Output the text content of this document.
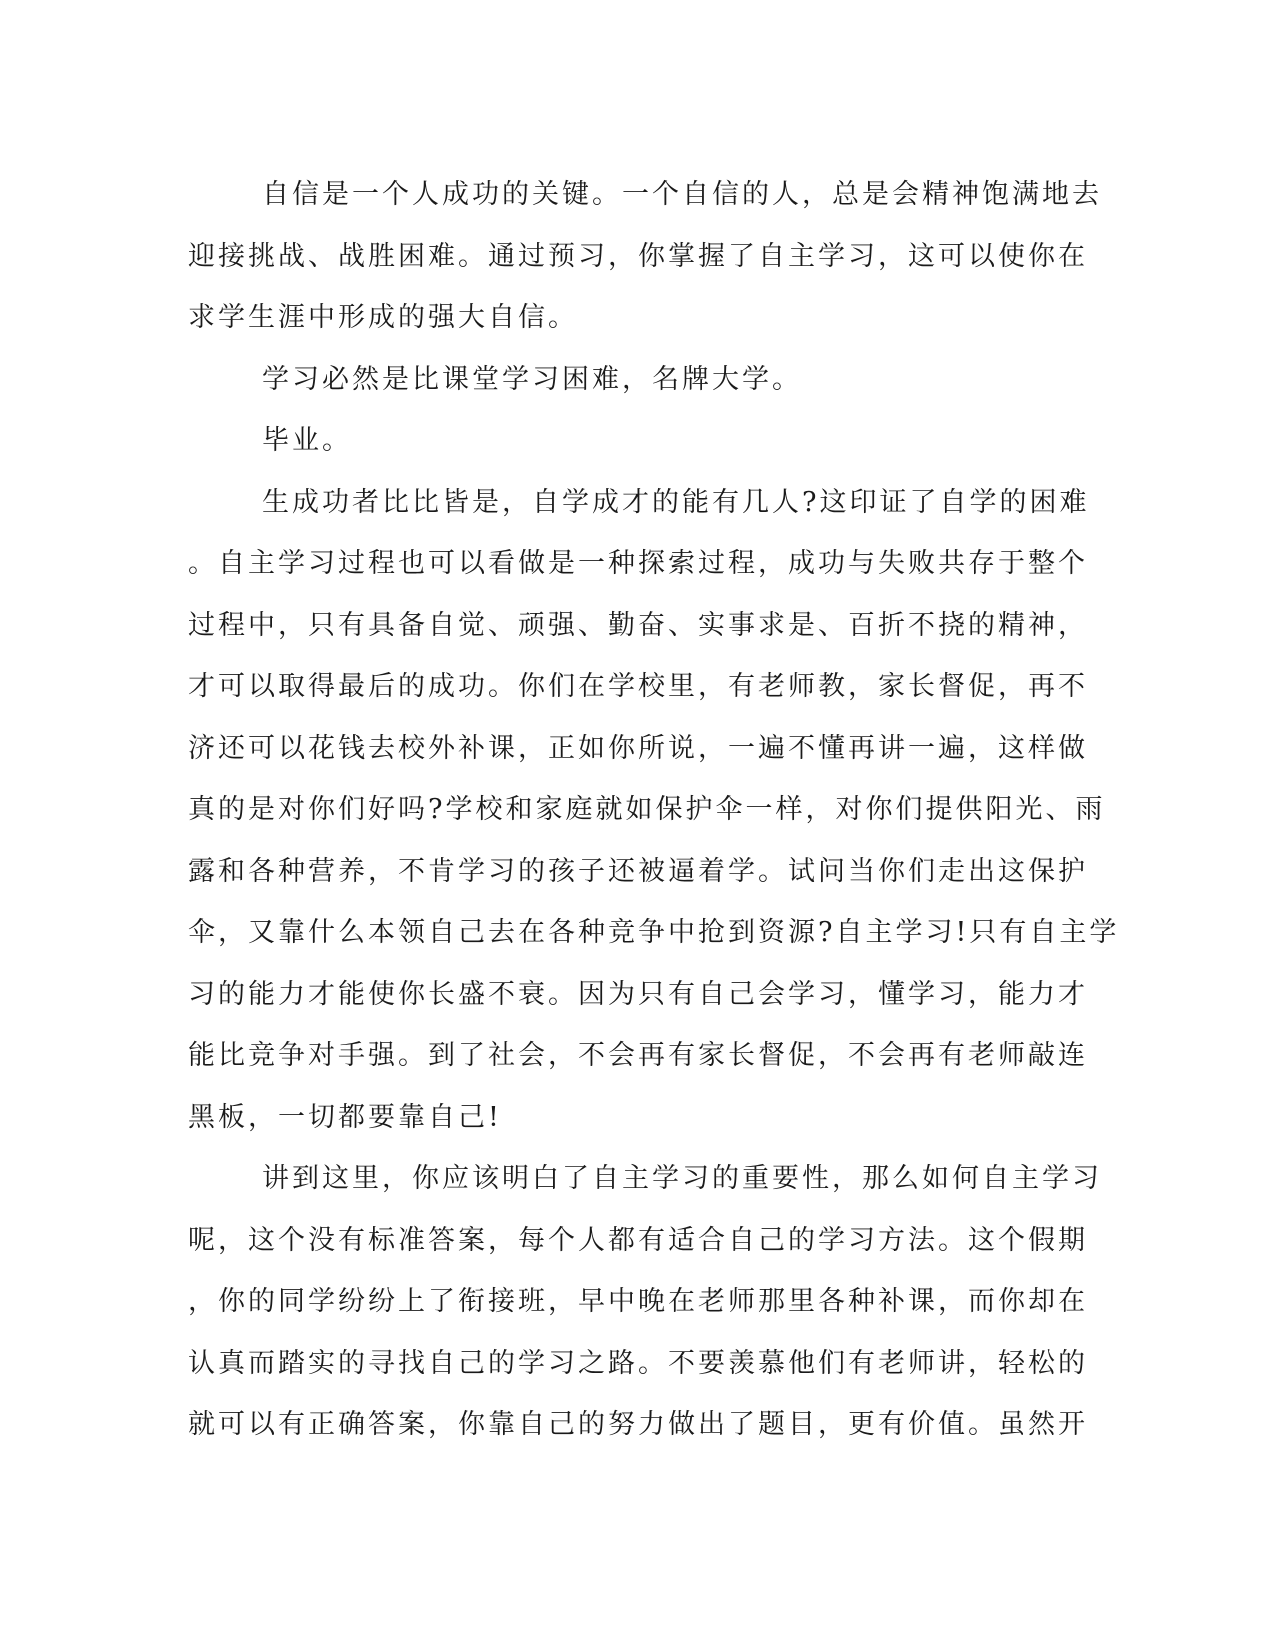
自信是一个人成功的关键。一个自信的人，总是会精神饱满地去
迎接挑战、战胜困难。通过预习，你掌握了自主学习，这可以使你在
求学生涯中形成的强大自信。
学习必然是比课堂学习困难，名牌大学。
毕业。
生成功者比比皆是，自学成才的能有几人?这印证了自学的困难
。自主学习过程也可以看做是一种探索过程，成功与失败共存于整个
过程中，只有具备自觉、顽强、勤奋、实事求是、百折不挠的精神，
才可以取得最后的成功。你们在学校里，有老师教，家长督促，再不
济还可以花钱去校外补课，正如你所说，一遍不懂再讲一遍，这样做
真的是对你们好吗?学校和家庭就如保护伞一样，对你们提供阳光、雨
露和各种营养，不肯学习的孩子还被逼着学。试问当你们走出这保护
伞，又靠什么本领自己去在各种竞争中抢到资源?自主学习!只有自主学
习的能力才能使你长盛不衰。因为只有自己会学习，懂学习，能力才
能比竞争对手强。到了社会，不会再有家长督促，不会再有老师敲连
黑板，一切都要靠自己!
讲到这里，你应该明白了自主学习的重要性，那么如何自主学习
呢，这个没有标准答案，每个人都有适合自己的学习方法。这个假期
，你的同学纷纷上了衔接班，早中晚在老师那里各种补课，而你却在
认真而踏实的寻找自己的学习之路。不要羡慕他们有老师讲，轻松的
就可以有正确答案，你靠自己的努力做出了题目，更有价值。虽然开
